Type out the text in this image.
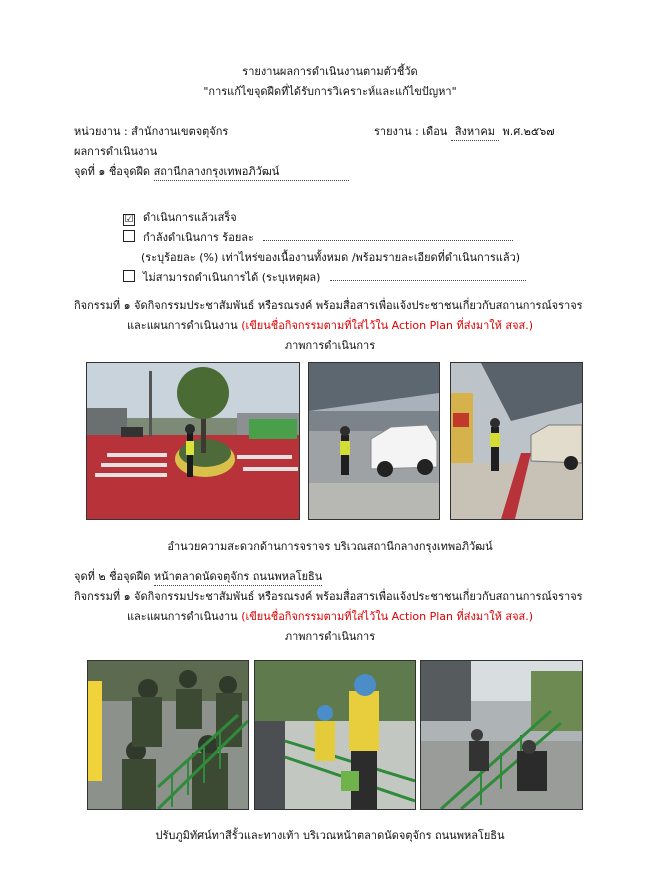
รายงานผลการดำเนินงานตามตัวชี้วัด
"การแก้ไขจุดฝืดที่ได้รับการวิเคราะห์และแก้ไขปัญหา"
หน่วยงาน : สำนักงานเขตจตุจักร	รายงาน : เดือน สิงหาคม พ.ศ.๒๕๖๗
ผลการดำเนินงาน
จุดที่ ๑ ชื่อจุดฝืด สถานีกลางกรุงเทพอภิวัฒน์
☑ ดำเนินการแล้วเสร็จ
กำลังดำเนินการ ร้อยละ
(ระบุร้อยละ (%) เท่าไหร่ของเนื้องานทั้งหมด /พร้อมรายละเอียดที่ดำเนินการแล้ว)
ไม่สามารถดำเนินการได้ (ระบุเหตุผล)
กิจกรรมที่ ๑ จัดกิจกรรมประชาสัมพันธ์ หรือรณรงค์ พร้อมสื่อสารเพื่อแจ้งประชาชนเกี่ยวกับสถานการณ์จราจร
และแผนการดำเนินงาน (เขียนชื่อกิจกรรมตามที่ใส่ไว้ใน Action Plan ที่ส่งมาให้ สจส.)
ภาพการดำเนินการ
อำนวยความสะดวกด้านการจราจร บริเวณสถานีกลางกรุงเทพอภิวัฒน์
จุดที่ ๒ ชื่อจุดฝืด หน้าตลาดนัดจตุจักร ถนนพหลโยธิน
กิจกรรมที่ ๑ จัดกิจกรรมประชาสัมพันธ์ หรือรณรงค์ พร้อมสื่อสารเพื่อแจ้งประชาชนเกี่ยวกับสถานการณ์จราจร
และแผนการดำเนินงาน (เขียนชื่อกิจกรรมตามที่ใส่ไว้ใน Action Plan ที่ส่งมาให้ สจส.)
ภาพการดำเนินการ
ปรับภูมิทัศน์ทาสีรั้วและทางเท้า บริเวณหน้าตลาดนัดจตุจักร ถนนพหลโยธิน
